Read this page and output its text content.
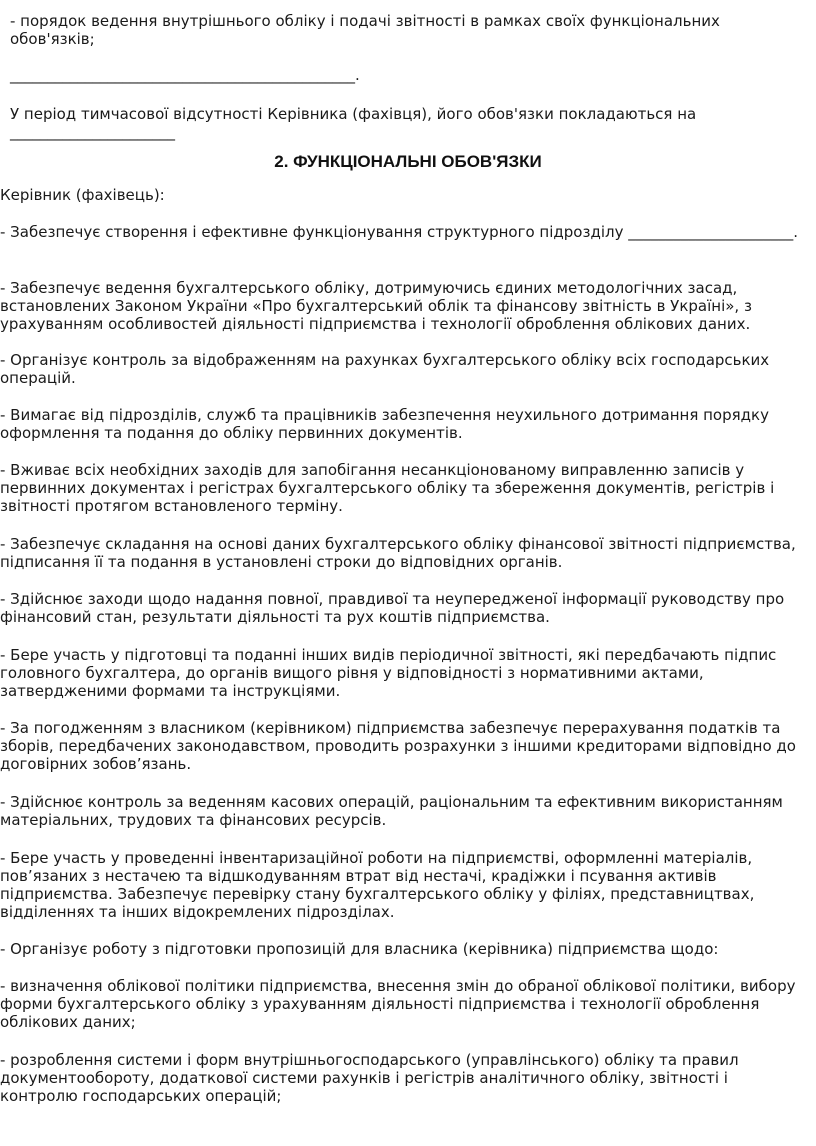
- порядок ведення внутрішнього обліку і подачі звітності в рамках своїх функціональних обов'язків;

______________________________________________.

У період тимчасової відсутності Керівника (фахівця), його обов'язки покладаються на ______________________

2. ФУНКЦІОНАЛЬНІ ОБОВ'ЯЗКИ

Керівник (фахівець):

- Забезпечує створення і ефективне функціонування структурного підрозділу ______________________.

- Забезпечує ведення бухгалтерського обліку, дотримуючись єдиних методологічних засад, встановлених Законом України «Про бухгалтерський облік та фінансову звітність в Україні», з урахуванням особливостей діяльності підприємства і технології оброблення облікових даних.

- Організує контроль за відображенням на рахунках бухгалтерського обліку всіх господарських операцій.

- Вимагає від підрозділів, служб та працівників забезпечення неухильного дотримання порядку оформлення та подання до обліку первинних документів.

- Вживає всіх необхідних заходів для запобігання несанкціонованому виправленню записів у первинних документах і регістрах бухгалтерського обліку та збереження документів, регістрів і звітності протягом встановленого терміну.

- Забезпечує складання на основі даних бухгалтерського обліку фінансової звітності підприємства, підписання її та подання в установлені строки до відповідних органів.

- Здійснює заходи щодо надання повної, правдивої та неупередженої інформації руководству про фінансовий стан, результати діяльності та рух коштів підприємства.

- Бере участь у підготовці та поданні інших видів періодичної звітності, які передбачають підпис головного бухгалтера, до органів вищого рівня у відповідності з нормативними актами, затвердженими формами та інструкціями.

- За погодженням з власником (керівником) підприємства забезпечує перерахування податків та зборів, передбачених законодавством, проводить розрахунки з іншими кредиторами відповідно до договірних зобов’язань.

- Здійснює контроль за веденням касових операцій, раціональним та ефективним використанням матеріальних, трудових та фінансових ресурсів.

- Бере участь у проведенні інвентаризаційної роботи на підприємстві, оформленні матеріалів, пов’язаних з нестачею та відшкодуванням втрат від нестачі, крадіжки і псування активів підприємства. Забезпечує перевірку стану бухгалтерського обліку у філіях, представництвах, відділеннях та інших відокремлених підрозділах.

- Організує роботу з підготовки пропозицій для власника (керівника) підприємства щодо:

- визначення облікової політики підприємства, внесення змін до обраної облікової політики, вибору форми бухгалтерського обліку з урахуванням діяльності підприємства і технології оброблення облікових даних;

- розроблення системи і форм внутрішньогосподарського (управлінського) обліку та правил документообороту, додаткової системи рахунків і регістрів аналітичного обліку, звітності і контролю господарських операцій;
